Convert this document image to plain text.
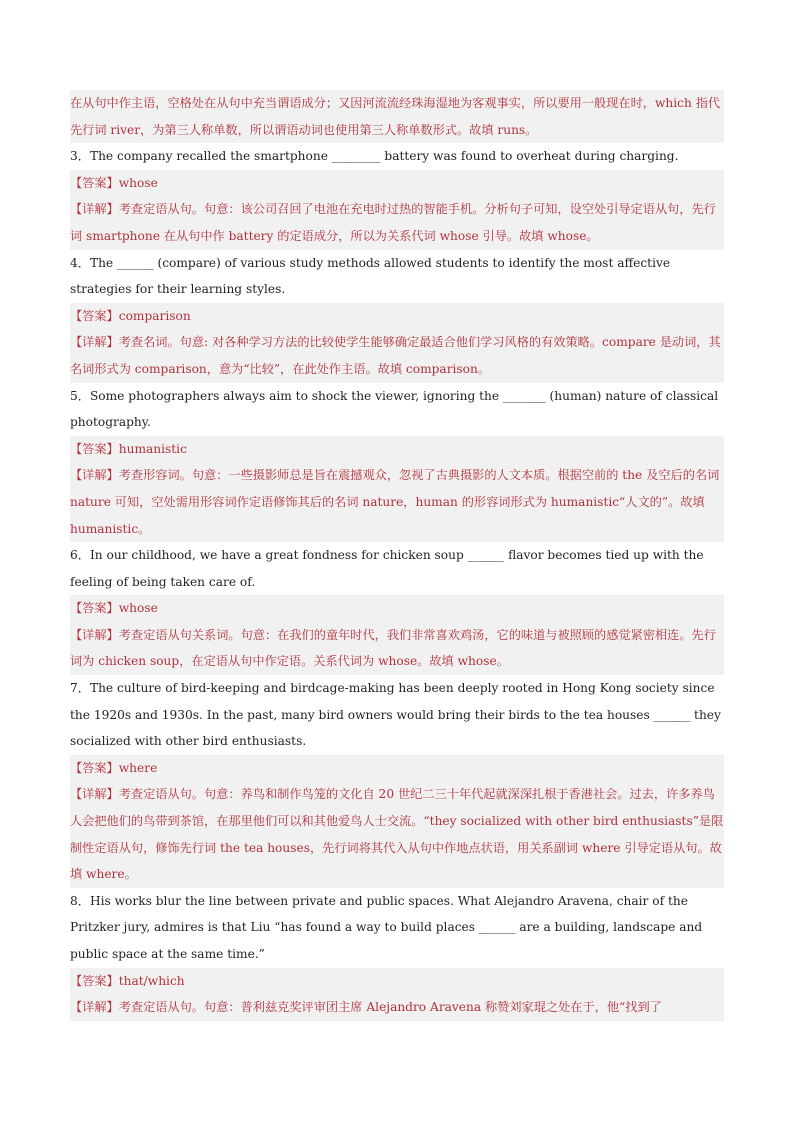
在从句中作主语，空格处在从句中充当谓语成分；又因河流流经珠海湿地为客观事实，所以要用一般现在时，which 指代先行词 river，为第三人称单数，所以谓语动词也使用第三人称单数形式。故填 runs。

3．The company recalled the smartphone ________ battery was found to overheat during charging.

【答案】whose

【详解】考查定语从句。句意：该公司召回了电池在充电时过热的智能手机。分析句子可知，设空处引导定语从句，先行词 smartphone 在从句中作 battery 的定语成分，所以为关系代词 whose 引导。故填 whose。

4．The ______ (compare) of various study methods allowed students to identify the most affective strategies for their learning styles.

【答案】comparison

【详解】考查名词。句意: 对各种学习方法的比较使学生能够确定最适合他们学习风格的有效策略。compare 是动词，其名词形式为 comparison，意为“比较”，在此处作主语。故填 comparison。

5．Some photographers always aim to shock the viewer, ignoring the _______ (human) nature of classical photography.

【答案】humanistic

【详解】考查形容词。句意：一些摄影师总是旨在震撼观众，忽视了古典摄影的人文本质。根据空前的 the 及空后的名词 nature 可知，空处需用形容词作定语修饰其后的名词 nature，human 的形容词形式为 humanistic“人文的”。故填 humanistic。

6．In our childhood, we have a great fondness for chicken soup ______ flavor becomes tied up with the feeling of being taken care of.

【答案】whose

【详解】考查定语从句关系词。句意：在我们的童年时代，我们非常喜欢鸡汤，它的味道与被照顾的感觉紧密相连。先行词为 chicken soup，在定语从句中作定语。关系代词为 whose。故填 whose。

7．The culture of bird-keeping and birdcage-making has been deeply rooted in Hong Kong society since the 1920s and 1930s. In the past, many bird owners would bring their birds to the tea houses ______ they socialized with other bird enthusiasts.

【答案】where

【详解】考查定语从句。句意：养鸟和制作鸟笼的文化自 20 世纪二三十年代起就深深扎根于香港社会。过去，许多养鸟人会把他们的鸟带到茶馆，在那里他们可以和其他爱鸟人士交流。“they socialized with other bird enthusiasts”是限制性定语从句，修饰先行词 the tea houses，先行词将其代入从句中作地点状语，用关系副词 where 引导定语从句。故填 where。

8．His works blur the line between private and public spaces. What Alejandro Aravena, chair of the Pritzker jury, admires is that Liu “has found a way to build places ______ are a building, landscape and public space at the same time.”

【答案】that/which

【详解】考查定语从句。句意：普利兹克奖评审团主席 Alejandro Aravena 称赞刘家琨之处在于，他“找到了
